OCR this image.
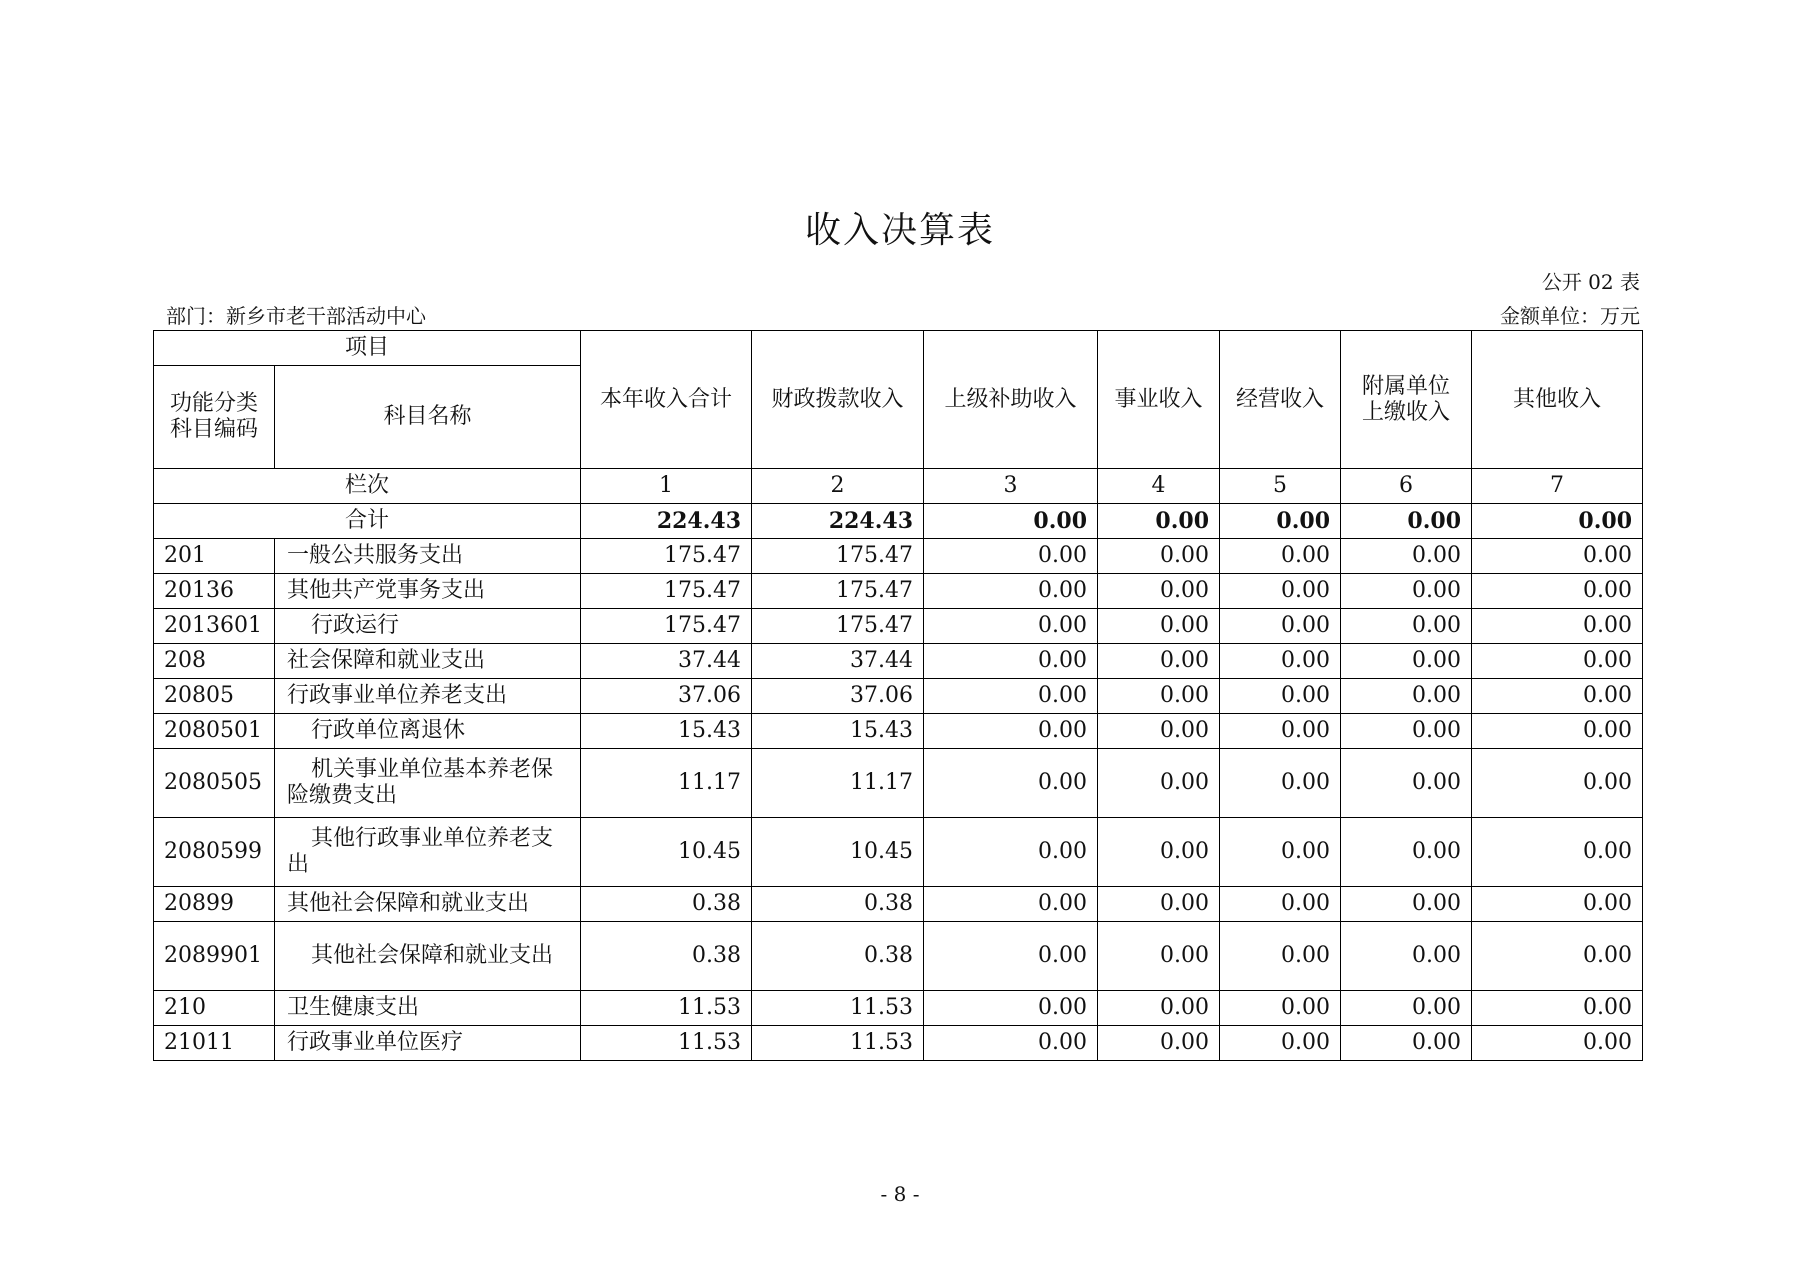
收入决算表
公开 02 表
部门：新乡市老干部活动中心	金额单位：万元
项目		本年收入合计	财政拨款收入	上级补助收入	事业收入	经营收入	附属单位上缴收入	其他收入
功能分类科目编码	科目名称							
栏次		1	2	3	4	5	6	7
合计		224.43	224.43	0.00	0.00	0.00	0.00	0.00
201	一般公共服务支出	175.47	175.47	0.00	0.00	0.00	0.00	0.00
20136	其他共产党事务支出	175.47	175.47	0.00	0.00	0.00	0.00	0.00
2013601	行政运行	175.47	175.47	0.00	0.00	0.00	0.00	0.00
208	社会保障和就业支出	37.44	37.44	0.00	0.00	0.00	0.00	0.00
20805	行政事业单位养老支出	37.06	37.06	0.00	0.00	0.00	0.00	0.00
2080501	行政单位离退休	15.43	15.43	0.00	0.00	0.00	0.00	0.00
2080505	机关事业单位基本养老保险缴费支出	11.17	11.17	0.00	0.00	0.00	0.00	0.00
2080599	其他行政事业单位养老支出	10.45	10.45	0.00	0.00	0.00	0.00	0.00
20899	其他社会保障和就业支出	0.38	0.38	0.00	0.00	0.00	0.00	0.00
2089901	其他社会保障和就业支出	0.38	0.38	0.00	0.00	0.00	0.00	0.00
210	卫生健康支出	11.53	11.53	0.00	0.00	0.00	0.00	0.00
21011	行政事业单位医疗	11.53	11.53	0.00	0.00	0.00	0.00	0.00
- 8 -
